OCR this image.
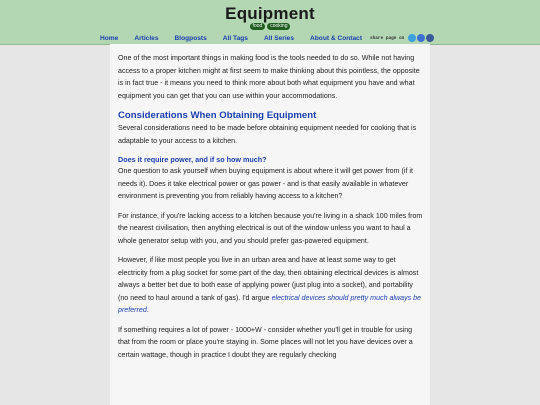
Equipment
food cooking
Home Articles Blogposts All Tags All Series About & Contact share page on

One of the most important things in making food is the tools needed to do so. While not having access to a proper kitchen might at first seem to make thinking about this pointless, the opposite is in fact true - it means you need to think more about both what equipment you have and what equipment you can get that you can use within your accommodations.

Considerations When Obtaining Equipment

Several considerations need to be made before obtaining equipment needed for cooking that is adaptable to your access to a kitchen.

Does it require power, and if so how much?

One question to ask yourself when buying equipment is about where it will get power from (if it needs it). Does it take electrical power or gas power - and is that easily available in whatever environment is preventing you from reliably having access to a kitchen?

For instance, if you're lacking access to a kitchen because you're living in a shack 100 miles from the nearest civilisation, then anything electrical is out of the window unless you want to haul a whole generator setup with you, and you should prefer gas-powered equipment.

However, if like most people you live in an urban area and have at least some way to get electricity from a plug socket for some part of the day, then obtaining electrical devices is almost always a better bet due to both ease of applying power (just plug into a socket), and portability (no need to haul around a tank of gas). I'd argue electrical devices should pretty much always be preferred.

If something requires a lot of power - 1000+W - consider whether you'll get in trouble for using that from the room or place you're staying in. Some places will not let you have devices over a certain wattage, though in practice I doubt they are regularly checking
